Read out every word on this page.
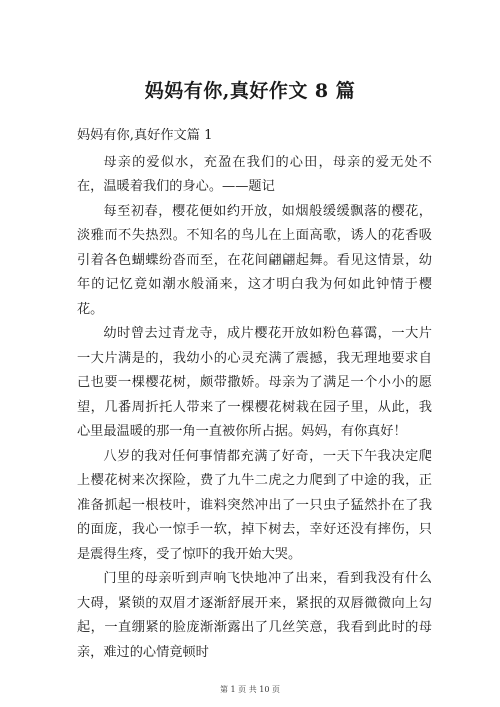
妈妈有你,真好作文 8 篇

妈妈有你,真好作文篇 1

母亲的爱似水，充盈在我们的心田，母亲的爱无处不在，温暖着我们的身心。——题记

每至初春，樱花便如约开放，如烟般缓缓飘落的樱花，淡雅而不失热烈。不知名的鸟儿在上面高歌，诱人的花香吸引着各色蝴蝶纷沓而至，在花间翩翩起舞。看见这情景，幼年的记忆竟如潮水般涌来，这才明白我为何如此钟情于樱花。

幼时曾去过青龙寺，成片樱花开放如粉色暮霭，一大片一大片满是的，我幼小的心灵充满了震撼，我无理地要求自己也要一棵樱花树，颇带撒娇。母亲为了满足一个小小的愿望，几番周折托人带来了一棵樱花树栽在园子里，从此，我心里最温暖的那一角一直被你所占据。妈妈，有你真好！

八岁的我对任何事情都充满了好奇，一天下午我决定爬上樱花树来次探险，费了九牛二虎之力爬到了中途的我，正准备抓起一根枝叶，谁料突然冲出了一只虫子猛然扑在了我的面庞，我心一惊手一软，掉下树去，幸好还没有摔伤，只是震得生疼，受了惊吓的我开始大哭。

门里的母亲听到声响飞快地冲了出来，看到我没有什么大碍，紧锁的双眉才逐渐舒展开来，紧抿的双唇微微向上勾起，一直绷紧的脸庞渐渐露出了几丝笑意，我看到此时的母亲，难过的心情竟顿时

第 1 页 共 10 页
